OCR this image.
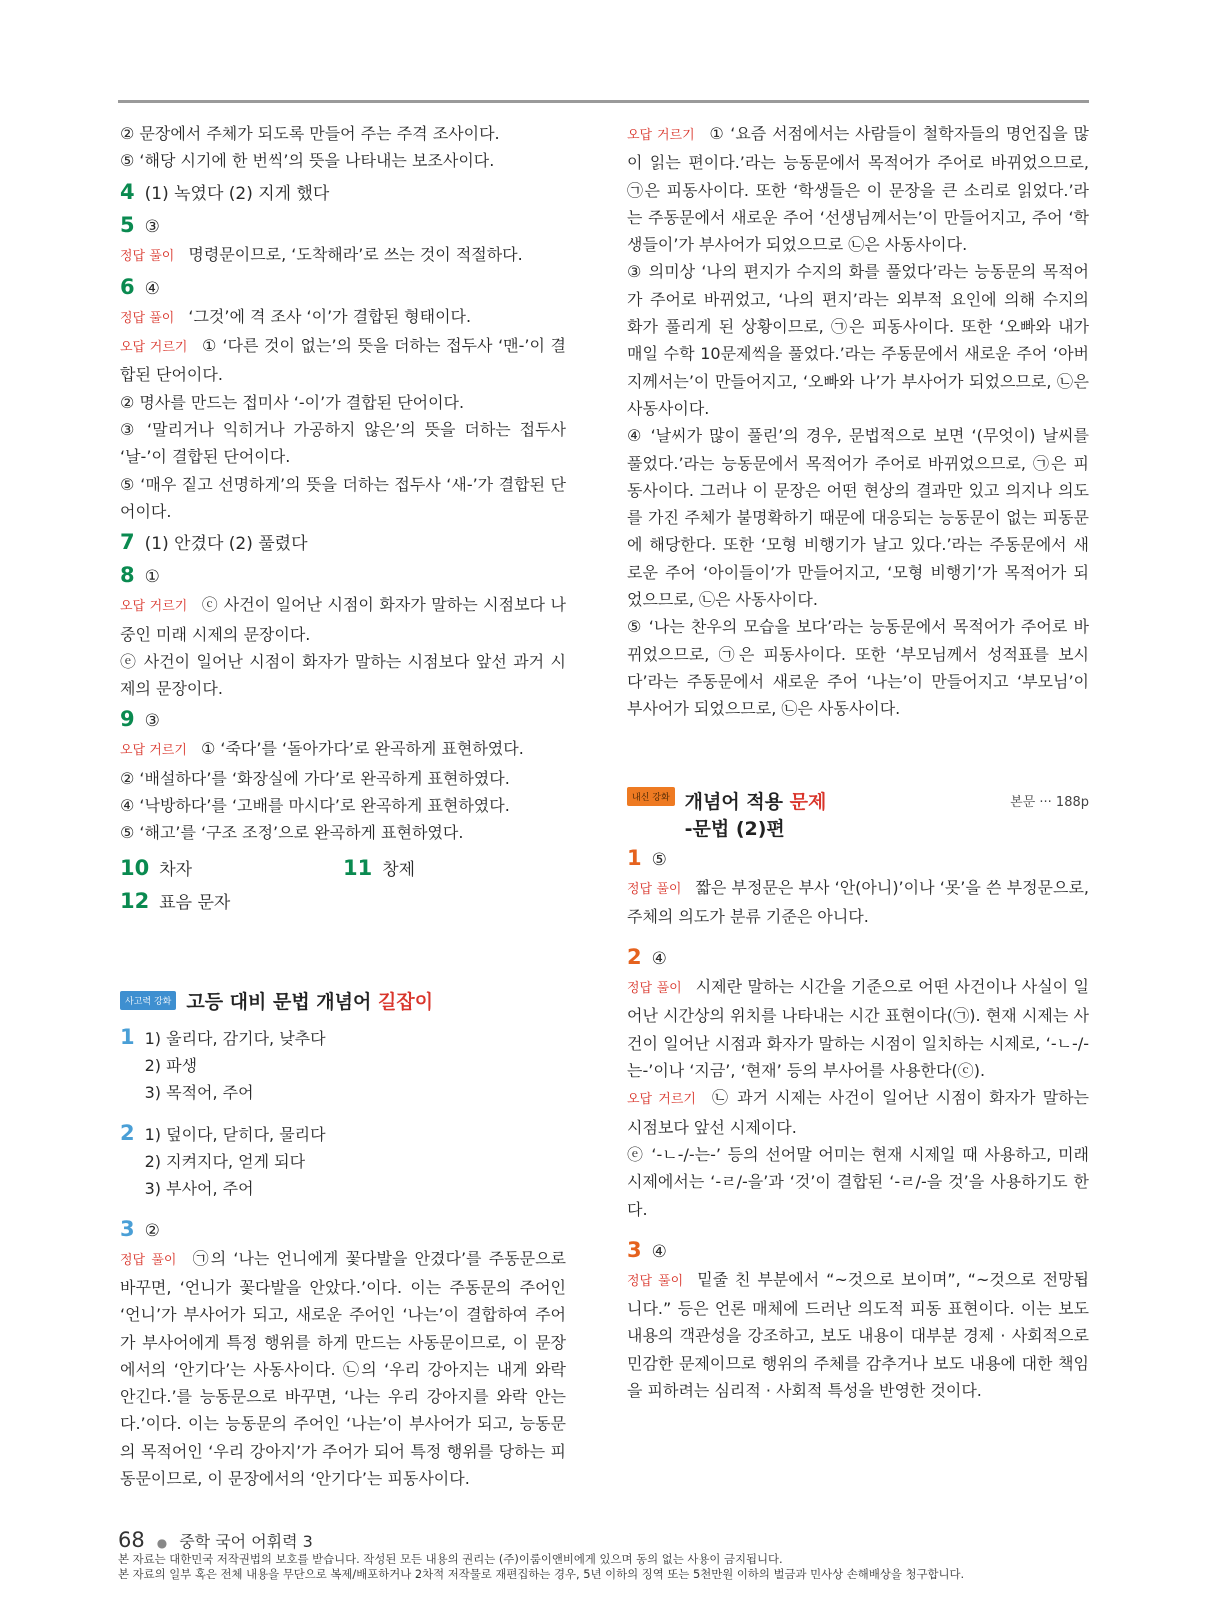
② 문장에서 주체가 되도록 만들어 주는 주격 조사이다.

⑤ ‘해당 시기에 한 번씩’의 뜻을 나타내는 보조사이다.

4 (1) 녹였다 (2) 지게 했다
5 ③

정답 풀이 명령문이므로, ‘도착해라’로 쓰는 것이 적절하다.

6 ④

정답 풀이 ‘그것’에 격 조사 ‘이’가 결합된 형태이다.

오답 거르기 ① ‘다른 것이 없는’의 뜻을 더하는 접두사 ‘맨-’이 결합된 단어이다.

② 명사를 만드는 접미사 ‘-이’가 결합된 단어이다.

③ ‘말리거나 익히거나 가공하지 않은’의 뜻을 더하는 접두사 ‘날-’이 결합된 단어이다.

⑤ ‘매우 짙고 선명하게’의 뜻을 더하는 접두사 ‘새-’가 결합된 단어이다.

7 (1) 안겼다 (2) 풀렸다
8 ①

오답 거르기 ⓒ 사건이 일어난 시점이 화자가 말하는 시점보다 나중인 미래 시제의 문장이다.

ⓔ 사건이 일어난 시점이 화자가 말하는 시점보다 앞선 과거 시제의 문장이다.

9 ③

오답 거르기 ① ‘죽다’를 ‘돌아가다’로 완곡하게 표현하였다.

② ‘배설하다’를 ‘화장실에 가다’로 완곡하게 표현하였다.

④ ‘낙방하다’를 ‘고배를 마시다’로 완곡하게 표현하였다.

⑤ ‘해고’를 ‘구조 조정’으로 완곡하게 표현하였다.

10 차자	11 창제
12 표음 문자
사고력 강화 고등 대비 문법 개념어 길잡이
1 1) 울리다, 감기다, 낮추다
2) 파생
3) 목적어, 주어
2 1) 덮이다, 닫히다, 물리다
2) 지켜지다, 얻게 되다
3) 부사어, 주어
3 ②

정답 풀이 ㉠의 ‘나는 언니에게 꽃다발을 안겼다’를 주동문으로 바꾸면, ‘언니가 꽃다발을 안았다.’이다. 이는 주동문의 주어인 ‘언니’가 부사어가 되고, 새로운 주어인 ‘나는’이 결합하여 주어가 부사어에게 특정 행위를 하게 만드는 사동문이므로, 이 문장에서의 ‘안기다’는 사동사이다. ㉡의 ‘우리 강아지는 내게 와락 안긴다.’를 능동문으로 바꾸면, ‘나는 우리 강아지를 와락 안는다.’이다. 이는 능동문의 주어인 ‘나는’이 부사어가 되고, 능동문의 목적어인 ‘우리 강아지’가 주어가 되어 특정 행위를 당하는 피동문이므로, 이 문장에서의 ‘안기다’는 피동사이다.

오답 거르기 ① ‘요즘 서점에서는 사람들이 철학자들의 명언집을 많이 읽는 편이다.’라는 능동문에서 목적어가 주어로 바뀌었으므로, ㉠은 피동사이다. 또한 ‘학생들은 이 문장을 큰 소리로 읽었다.’라는 주동문에서 새로운 주어 ‘선생님께서는’이 만들어지고, 주어 ‘학생들이’가 부사어가 되었으므로 ㉡은 사동사이다.

③ 의미상 ‘나의 편지가 수지의 화를 풀었다’라는 능동문의 목적어가 주어로 바뀌었고, ‘나의 편지’라는 외부적 요인에 의해 수지의 화가 풀리게 된 상황이므로, ㉠은 피동사이다. 또한 ‘오빠와 내가 매일 수학 10문제씩을 풀었다.’라는 주동문에서 새로운 주어 ‘아버지께서는’이 만들어지고, ‘오빠와 나’가 부사어가 되었으므로, ㉡은 사동사이다.

④ ‘날씨가 많이 풀린’의 경우, 문법적으로 보면 ‘(무엇이) 날씨를 풀었다.’라는 능동문에서 목적어가 주어로 바뀌었으므로, ㉠은 피동사이다. 그러나 이 문장은 어떤 현상의 결과만 있고 의지나 의도를 가진 주체가 불명확하기 때문에 대응되는 능동문이 없는 피동문에 해당한다. 또한 ‘모형 비행기가 날고 있다.’라는 주동문에서 새로운 주어 ‘아이들이’가 만들어지고, ‘모형 비행기’가 목적어가 되었으므로, ㉡은 사동사이다.

⑤ ‘나는 찬우의 모습을 보다’라는 능동문에서 목적어가 주어로 바뀌었으므로, ㉠은 피동사이다. 또한 ‘부모님께서 성적표를 보시다’라는 주동문에서 새로운 주어 ‘나는’이 만들어지고 ‘부모님’이 부사어가 되었으므로, ㉡은 사동사이다.

내신 강화 개념어 적용 문제
-문법 (2)편
본문 ··· 188p
1 ⑤

정답 풀이 짧은 부정문은 부사 ‘안(아니)’이나 ‘못’을 쓴 부정문으로, 주체의 의도가 분류 기준은 아니다.

2 ④

정답 풀이 시제란 말하는 시간을 기준으로 어떤 사건이나 사실이 일어난 시간상의 위치를 나타내는 시간 표현이다(㉠). 현재 시제는 사건이 일어난 시점과 화자가 말하는 시점이 일치하는 시제로, ‘-ㄴ-/-는-’이나 ‘지금’, ‘현재’ 등의 부사어를 사용한다(ⓒ).

오답 거르기 ㉡ 과거 시제는 사건이 일어난 시점이 화자가 말하는 시점보다 앞선 시제이다.

ⓔ ‘-ㄴ-/-는-’ 등의 선어말 어미는 현재 시제일 때 사용하고, 미래 시제에서는 ‘-ㄹ/-을’과 ‘것’이 결합된 ‘-ㄹ/-을 것’을 사용하기도 한다.

3 ④

정답 풀이 밑줄 친 부분에서 “~것으로 보이며”, “~것으로 전망됩니다.” 등은 언론 매체에 드러난 의도적 피동 표현이다. 이는 보도 내용의 객관성을 강조하고, 보도 내용이 대부분 경제 · 사회적으로 민감한 문제이므로 행위의 주체를 감추거나 보도 내용에 대한 책임을 피하려는 심리적 · 사회적 특성을 반영한 것이다.

68 ● 중학 국어 어휘력 3

본 자료는 대한민국 저작권법의 보호를 받습니다. 작성된 모든 내용의 권리는 (주)이룸이앤비에게 있으며 동의 없는 사용이 금지됩니다.

본 자료의 일부 혹은 전체 내용을 무단으로 복제/배포하거나 2차적 저작물로 재편집하는 경우, 5년 이하의 징역 또는 5천만원 이하의 벌금과 민사상 손해배상을 청구합니다.
